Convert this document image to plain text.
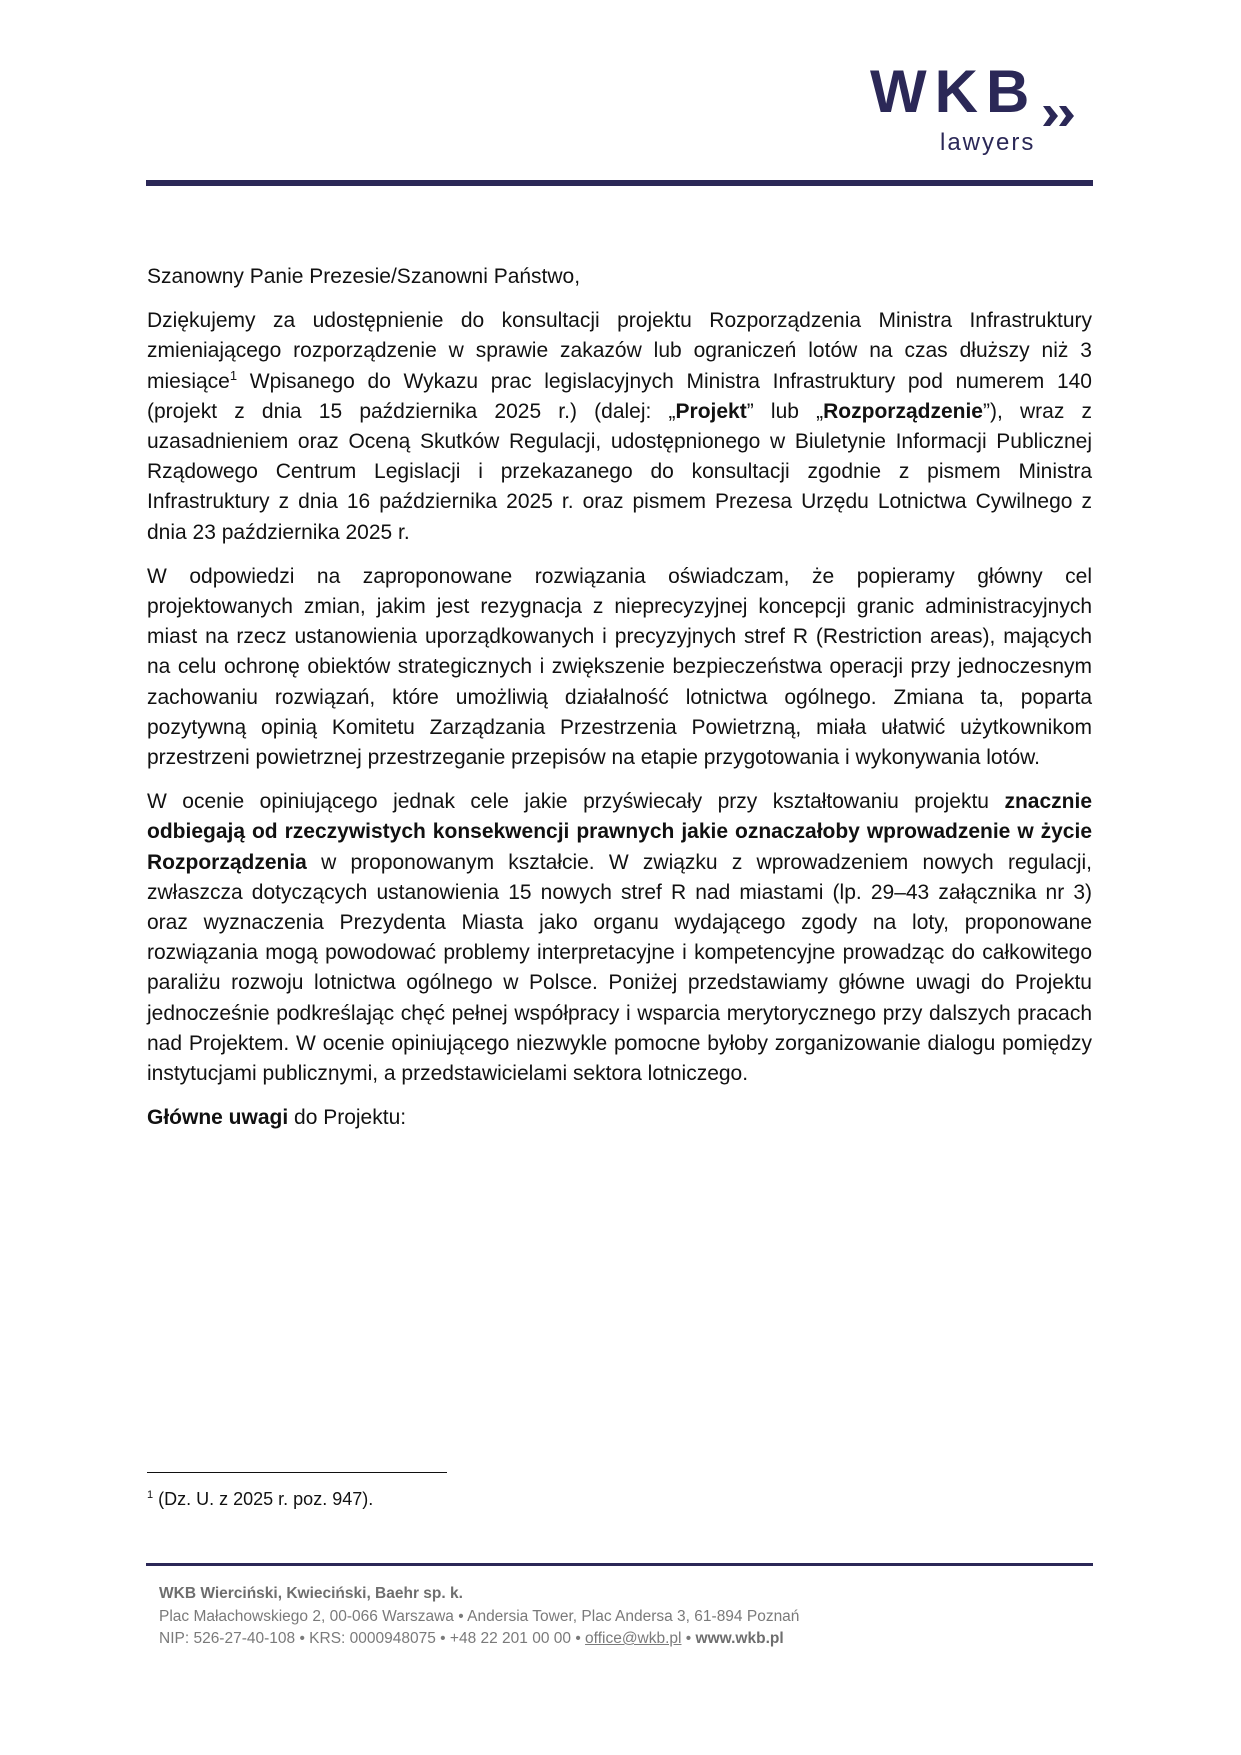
WKB
lawyers

Szanowny Panie Prezesie/Szanowni Państwo,

Dziękujemy za udostępnienie do konsultacji projektu Rozporządzenia Ministra Infrastruktury zmieniającego rozporządzenie w sprawie zakazów lub ograniczeń lotów na czas dłuższy niż 3 miesiące$^1$ Wpisanego do Wykazu prac legislacyjnych Ministra Infrastruktury pod numerem 140 (projekt z dnia 15 października 2025 r.) (dalej: „Projekt” lub „Rozporządzenie”), wraz z uzasadnieniem oraz Oceną Skutków Regulacji, udostępnionego w Biuletynie Informacji Publicznej Rządowego Centrum Legislacji i przekazanego do konsultacji zgodnie z pismem Ministra Infrastruktury z dnia 16 października 2025 r. oraz pismem Prezesa Urzędu Lotnictwa Cywilnego z dnia 23 października 2025 r.

W odpowiedzi na zaproponowane rozwiązania oświadczam, że popieramy główny cel projektowanych zmian, jakim jest rezygnacja z nieprecyzyjnej koncepcji granic administracyjnych miast na rzecz ustanowienia uporządkowanych i precyzyjnych stref R (Restriction areas), mających na celu ochronę obiektów strategicznych i zwiększenie bezpieczeństwa operacji przy jednoczesnym zachowaniu rozwiązań, które umożliwią działalność lotnictwa ogólnego. Zmiana ta, poparta pozytywną opinią Komitetu Zarządzania Przestrzenia Powietrzną, miała ułatwić użytkownikom przestrzeni powietrznej przestrzeganie przepisów na etapie przygotowania i wykonywania lotów.

W ocenie opiniującego jednak cele jakie przyświecały przy kształtowaniu projektu znacznie odbiegają od rzeczywistych konsekwencji prawnych jakie oznaczałoby wprowadzenie w życie Rozporządzenia w proponowanym kształcie. W związku z wprowadzeniem nowych regulacji, zwłaszcza dotyczących ustanowienia 15 nowych stref R nad miastami (lp. 29–43 załącznika nr 3) oraz wyznaczenia Prezydenta Miasta jako organu wydającego zgody na loty, proponowane rozwiązania mogą powodować problemy interpretacyjne i kompetencyjne prowadząc do całkowitego paraliżu rozwoju lotnictwa ogólnego w Polsce. Poniżej przedstawiamy główne uwagi do Projektu jednocześnie podkreślając chęć pełnej współpracy i wsparcia merytorycznego przy dalszych pracach nad Projektem. W ocenie opiniującego niezwykle pomocne byłoby zorganizowanie dialogu pomiędzy instytucjami publicznymi, a przedstawicielami sektora lotniczego.

Główne uwagi do Projektu:

$^1$ (Dz. U. z 2025 r. poz. 947).
WKB Wierciński, Kwieciński, Baehr sp. k.
Plac Małachowskiego 2, 00-066 Warszawa • Andersia Tower, Plac Andersa 3, 61-894 Poznań
NIP: 526-27-40-108 • KRS: 0000948075 • +48 22 201 00 00 • office@wkb.pl • www.wkb.pl
